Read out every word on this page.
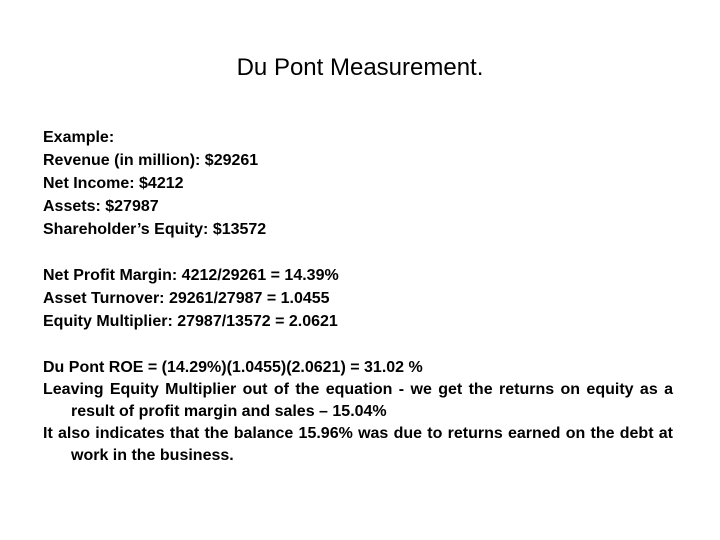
Du Pont Measurement.
Example:
Revenue (in million): $29261
Net Income: $4212
Assets: $27987
Shareholder’s Equity: $13572
Net Profit Margin: 4212/29261 = 14.39%
Asset Turnover: 29261/27987 = 1.0455
Equity Multiplier: 27987/13572 = 2.0621
Du Pont ROE = (14.29%)(1.0455)(2.0621) = 31.02 %
Leaving Equity Multiplier out of the equation - we get the returns on equity as a result of profit margin and sales – 15.04%
It also indicates that the balance 15.96% was due to returns earned on the debt at work in the business.
